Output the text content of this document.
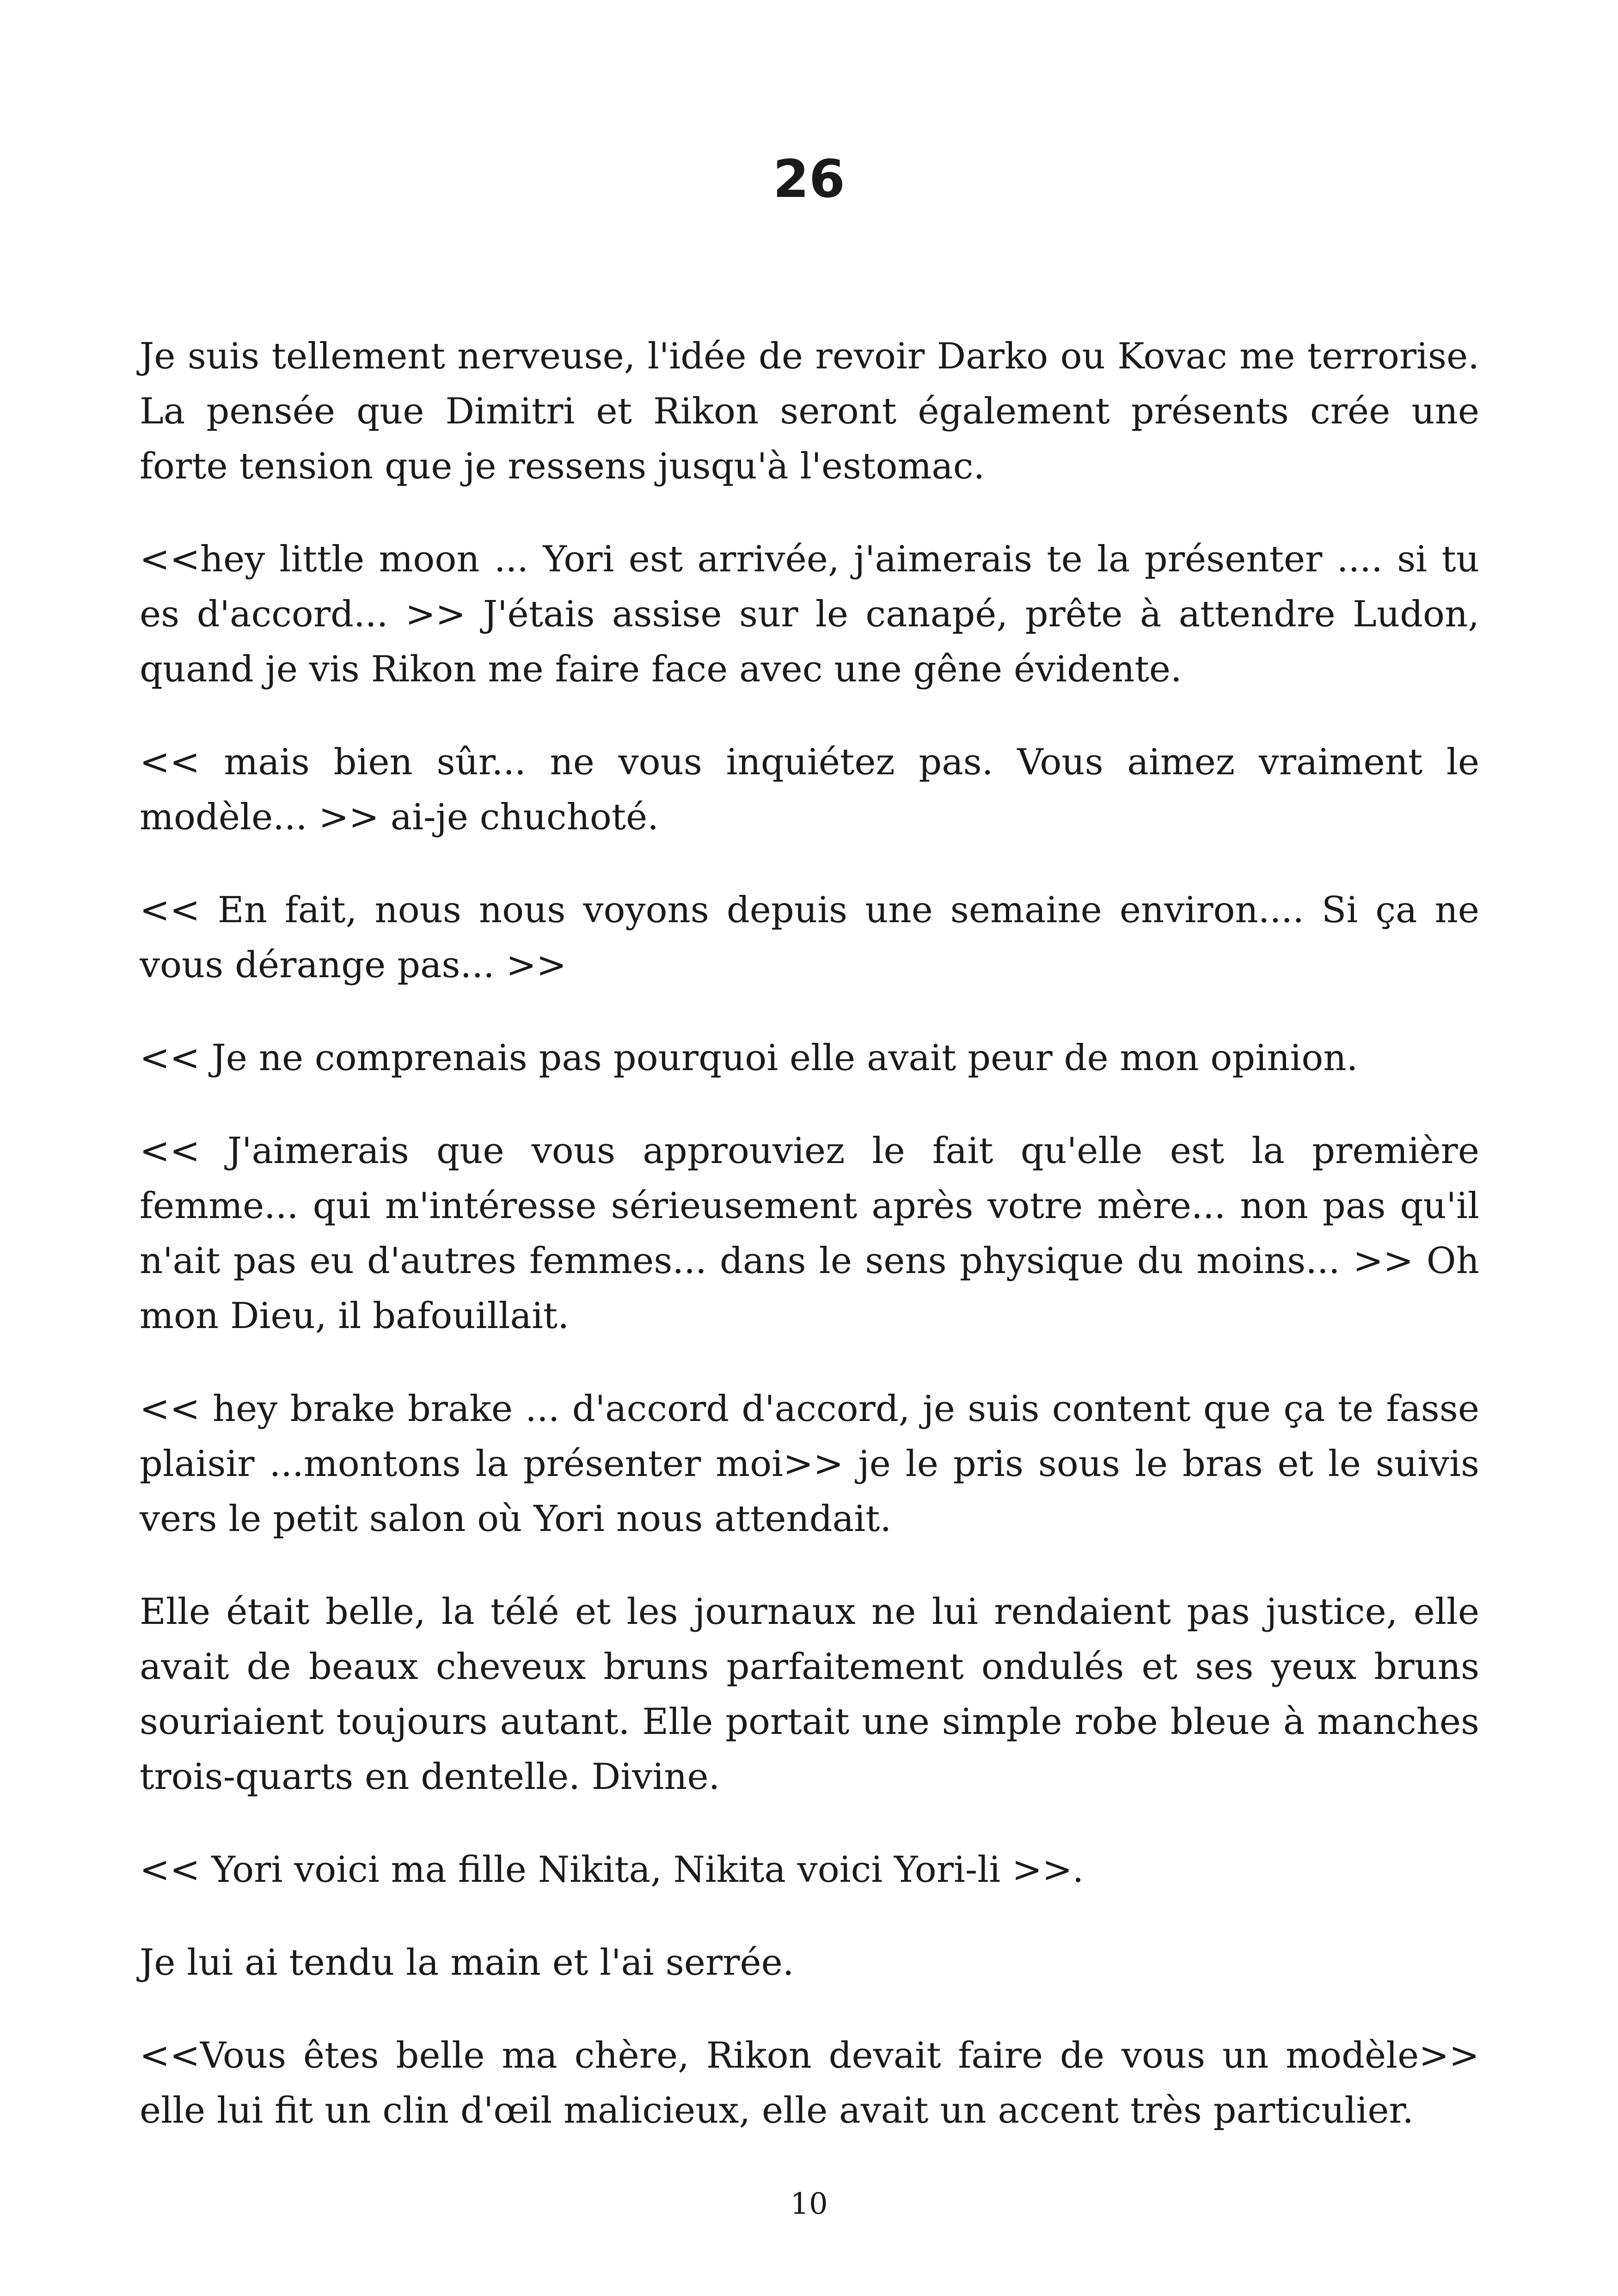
26

Je suis tellement nerveuse, l'idée de revoir Darko ou Kovac me terrorise. La pensée que Dimitri et Rikon seront également présents crée une forte tension que je ressens jusqu'à l'estomac.

<<hey little moon ... Yori est arrivée, j'aimerais te la présenter .... si tu es d'accord... >> J'étais assise sur le canapé, prête à attendre Ludon, quand je vis Rikon me faire face avec une gêne évidente.

<< mais bien sûr... ne vous inquiétez pas. Vous aimez vraiment le modèle... >> ai-je chuchoté.

<< En fait, nous nous voyons depuis une semaine environ.... Si ça ne vous dérange pas... >>

<< Je ne comprenais pas pourquoi elle avait peur de mon opinion.

<< J'aimerais que vous approuviez le fait qu'elle est la première femme... qui m'intéresse sérieusement après votre mère... non pas qu'il n'ait pas eu d'autres femmes... dans le sens physique du moins... >> Oh mon Dieu, il bafouillait.

<< hey brake brake ... d'accord d'accord, je suis content que ça te fasse plaisir ...montons la présenter moi>> je le pris sous le bras et le suivis vers le petit salon où Yori nous attendait.

Elle était belle, la télé et les journaux ne lui rendaient pas justice, elle avait de beaux cheveux bruns parfaitement ondulés et ses yeux bruns souriaient toujours autant. Elle portait une simple robe bleue à manches trois-quarts en dentelle. Divine.

<< Yori voici ma fille Nikita, Nikita voici Yori-li >>.

Je lui ai tendu la main et l'ai serrée.

<<Vous êtes belle ma chère, Rikon devait faire de vous un modèle>> elle lui fit un clin d'œil malicieux, elle avait un accent très particulier.

10
